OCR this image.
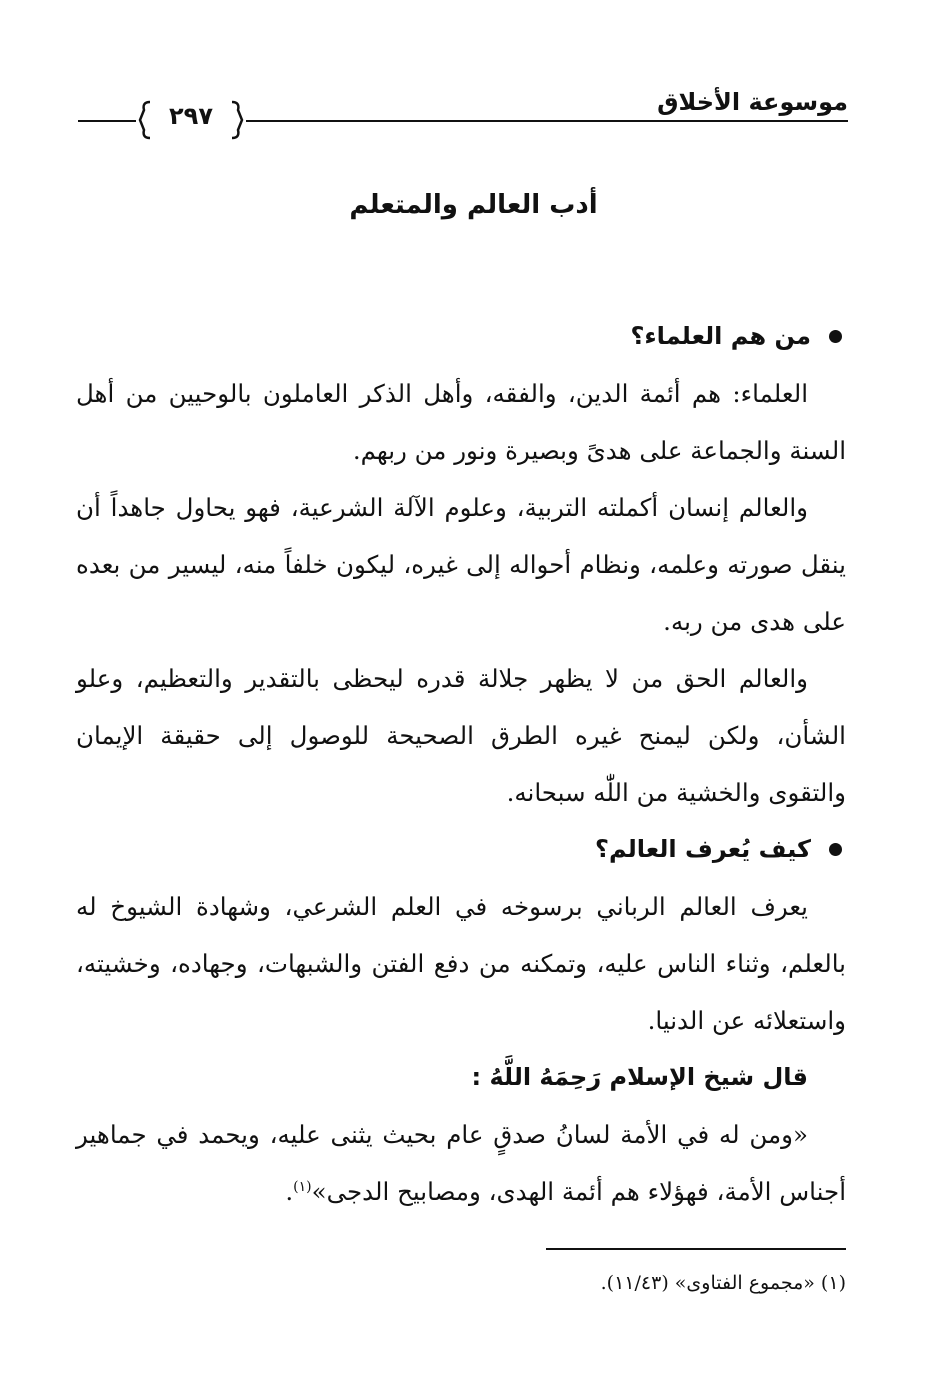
موسوعة الأخلاق
٢٩٧
أدب العالم والمتعلم
من هم العلماء؟

العلماء: هم أئمة الدين، والفقه، وأهل الذكر العاملون بالوحيين من أهل السنة والجماعة على هدىً وبصيرة ونور من ربهم.

والعالم إنسان أكملته التربية، وعلوم الآلة الشرعية، فهو يحاول جاهداً أن ينقل صورته وعلمه، ونظام أحواله إلى غيره، ليكون خلفاً منه، ليسير من بعده على هدى من ربه.

والعالم الحق من لا يظهر جلالة قدره ليحظى بالتقدير والتعظيم، وعلو الشأن، ولكن ليمنح غيره الطرق الصحيحة للوصول إلى حقيقة الإيمان والتقوى والخشية من اللّٰه سبحانه.

كيف يُعرف العالم؟

يعرف العالم الرباني برسوخه في العلم الشرعي، وشهادة الشيوخ له بالعلم، وثناء الناس عليه، وتمكنه من دفع الفتن والشبهات، وجهاده، وخشيته، واستعلائه عن الدنيا.

قال شيخ الإسلام رَحِمَهُ اللَّهُ :

«ومن له في الأمة لسانُ صدقٍ عام بحيث يثنى عليه، ويحمد في جماهير أجناس الأمة، فهؤلاء هم أئمة الهدى، ومصابيح الدجى»$^{(١)}$.

(١) «مجموع الفتاوى» (١١/٤٣).
